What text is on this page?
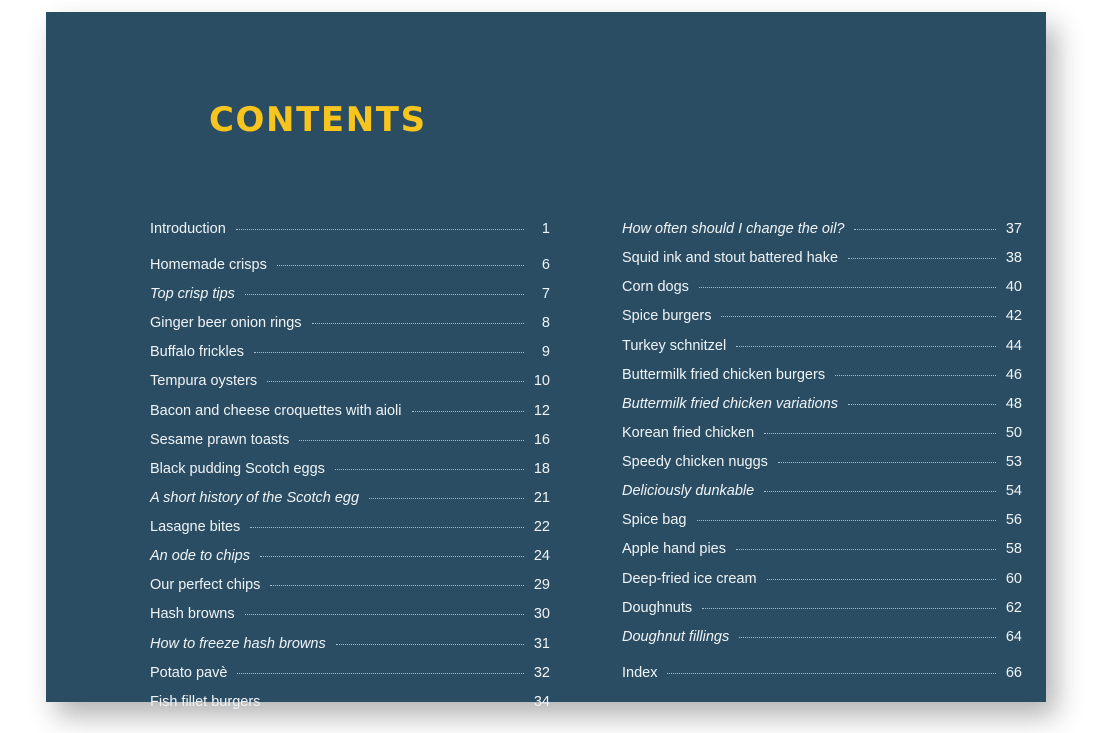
CONTENTS
Introduction	1
Homemade crisps	6
Top crisp tips	7
Ginger beer onion rings	8
Buffalo frickles	9
Tempura oysters	10
Bacon and cheese croquettes with aioli	12
Sesame prawn toasts	16
Black pudding Scotch eggs	18
A short history of the Scotch egg	21
Lasagne bites	22
An ode to chips	24
Our perfect chips	29
Hash browns	30
How to freeze hash browns	31
Potato pavè	32
Fish fillet burgers	34
How often should I change the oil?	37
Squid ink and stout battered hake	38
Corn dogs	40
Spice burgers	42
Turkey schnitzel	44
Buttermilk fried chicken burgers	46
Buttermilk fried chicken variations	48
Korean fried chicken	50
Speedy chicken nuggs	53
Deliciously dunkable	54
Spice bag	56
Apple hand pies	58
Deep-fried ice cream	60
Doughnuts	62
Doughnut fillings	64
Index	66
